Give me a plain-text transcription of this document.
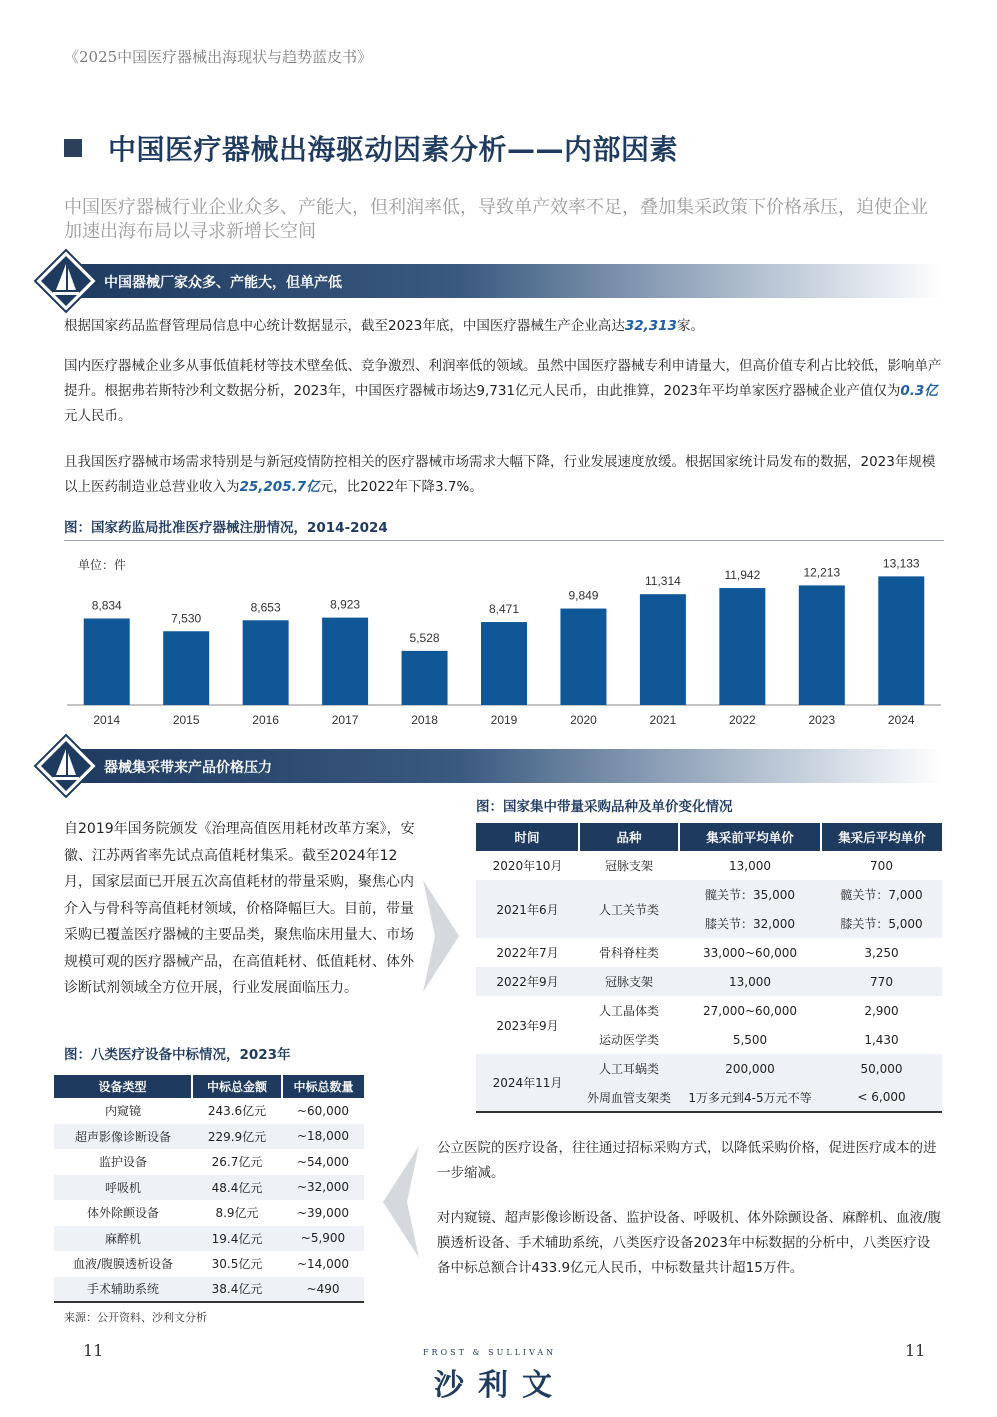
《2025中国医疗器械出海现状与趋势蓝皮书》
中国医疗器械出海驱动因素分析——内部因素
中国医疗器械行业企业众多、产能大，但利润率低，导致单产效率不足，叠加集采政策下价格承压，迫使企业加速出海布局以寻求新增长空间
中国器械厂家众多、产能大，但单产低
根据国家药品监督管理局信息中心统计数据显示，截至2023年底，中国医疗器械生产企业高达32,313家。
国内医疗器械企业多从事低值耗材等技术壁垒低、竞争激烈、利润率低的领域。虽然中国医疗器械专利申请量大，但高价值专利占比较低，影响单产提升。根据弗若斯特沙利文数据分析，2023年，中国医疗器械市场达9,731亿元人民币，由此推算，2023年平均单家医疗器械企业产值仅为0.3亿元人民币。
且我国医疗器械市场需求特别是与新冠疫情防控相关的医疗器械市场需求大幅下降，行业发展速度放缓。根据国家统计局发布的数据，2023年规模以上医药制造业总营业收入为25,205.7亿元，比2022年下降3.7%。
图：国家药监局批准医疗器械注册情况，2014-2024
单位：件
8,834
2014
7,530
2015
8,653
2016
8,923
2017
5,528
2018
8,471
2019
9,849
2020
11,314
2021
11,942
2022
12,213
2023
13,133
2024
器械集采带来产品价格压力
自2019年国务院颁发《治理高值医用耗材改革方案》，安徽、江苏两省率先试点高值耗材集采。截至2024年12月，国家层面已开展五次高值耗材的带量采购，聚焦心内介入与骨科等高值耗材领域，价格降幅巨大。目前，带量采购已覆盖医疗器械的主要品类，聚焦临床用量大、市场规模可观的医疗器械产品，在高值耗材、低值耗材、体外诊断试剂领域全方位开展，行业发展面临压力。
图：国家集中带量采购品种及单价变化情况
时间	品种	集采前平均单价	集采后平均单价
2020年10月	冠脉支架	13,000	700
2021年6月	人工关节类	髋关节：35,000	髋关节：7,000
		膝关节：32,000	膝关节：5,000
2022年7月	骨科脊柱类	33,000~60,000	3,250
2022年9月	冠脉支架	13,000	770
2023年9月	人工晶体类	27,000~60,000	2,900
	运动医学类	5,500	1,430
2024年11月	人工耳蜗类	200,000	50,000
	外周血管支架类	1万多元到4-5万元不等	< 6,000
图：八类医疗设备中标情况，2023年
设备类型	中标总金额	中标总数量
内窥镜	243.6亿元	~60,000
超声影像诊断设备	229.9亿元	~18,000
监护设备	26.7亿元	~54,000
呼吸机	48.4亿元	~32,000
体外除颤设备	8.9亿元	~39,000
麻醉机	19.4亿元	~5,900
血液/腹膜透析设备	30.5亿元	~14,000
手术辅助系统	38.4亿元	~490
来源：公开资料、沙利文分析
公立医院的医疗设备，往往通过招标采购方式，以降低采购价格，促进医疗成本的进一步缩减。
对内窥镜、超声影像诊断设备、监护设备、呼吸机、体外除颤设备、麻醉机、血液/腹膜透析设备、手术辅助系统，八类医疗设备2023年中标数据的分析中，八类医疗设备中标总额合计433.9亿元人民币，中标数量共计超15万件。
11	11
FROST & SULLIVAN
沙利文
